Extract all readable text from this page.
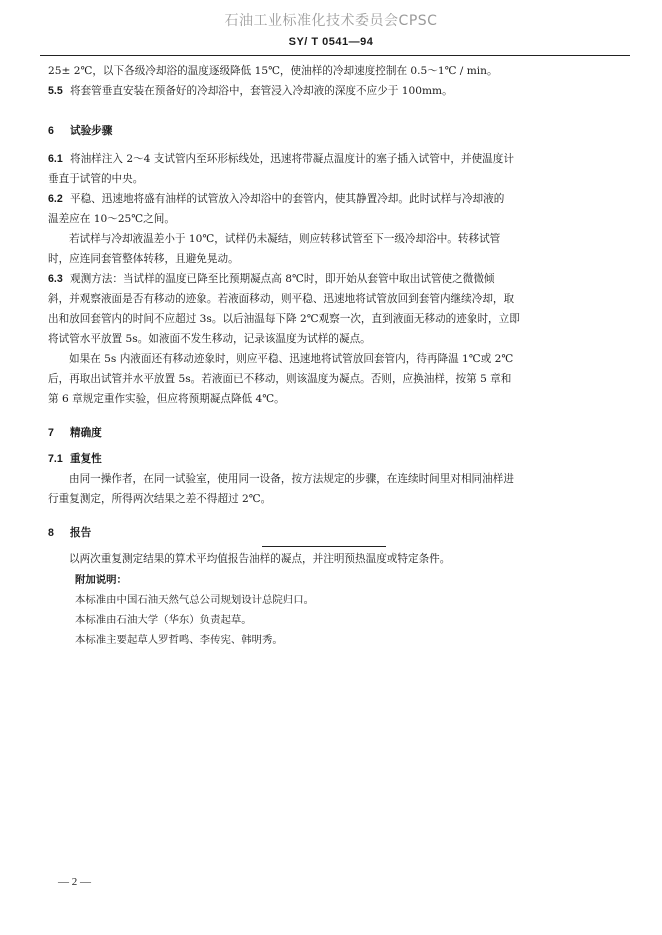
石油工业标准化技术委员会CPSC
SY/ T 0541—94
25± 2℃，以下各级冷却浴的温度逐级降低 15℃，使油样的冷却速度控制在 0.5～1℃ / min。
5.5 将套管垂直安装在预备好的冷却浴中，套管浸入冷却液的深度不应少于 100mm。
6 试验步骤
6.1 将油样注入 2～4 支试管内至环形标线处，迅速将带凝点温度计的塞子插入试管中，并使温度计
垂直于试管的中央。
6.2 平稳、迅速地将盛有油样的试管放入冷却浴中的套管内，使其静置冷却。此时试样与冷却液的
温差应在 10～25℃之间。
若试样与冷却液温差小于 10℃，试样仍未凝结，则应转移试管至下一级冷却浴中。转移试管
时，应连同套管整体转移，且避免晃动。
6.3 观测方法：当试样的温度已降至比预期凝点高 8℃时，即开始从套管中取出试管使之微微倾
斜，并观察液面是否有移动的迹象。若液面移动，则平稳、迅速地将试管放回到套管内继续冷却，取
出和放回套管内的时间不应超过 3s。以后油温每下降 2℃观察一次，直到液面无移动的迹象时，立即
将试管水平放置 5s。如液面不发生移动，记录该温度为试样的凝点。
如果在 5s 内液面还有移动迹象时，则应平稳、迅速地将试管放回套管内，待再降温 1℃或 2℃
后，再取出试管并水平放置 5s。若液面已不移动，则该温度为凝点。否则，应换油样，按第 5 章和
第 6 章规定重作实验，但应将预期凝点降低 4℃。
7 精确度
7.1 重复性
由同一操作者，在同一试验室，使用同一设备，按方法规定的步骤，在连续时间里对相同油样进
行重复测定，所得两次结果之差不得超过 2℃。
8 报告
以两次重复测定结果的算术平均值报告油样的凝点，并注明预热温度或特定条件。
附加说明：
本标准由中国石油天然气总公司规划设计总院归口。
本标准由石油大学（华东）负责起草。
本标准主要起草人罗哲鸣、李传宪、韩明秀。
— 2 —
